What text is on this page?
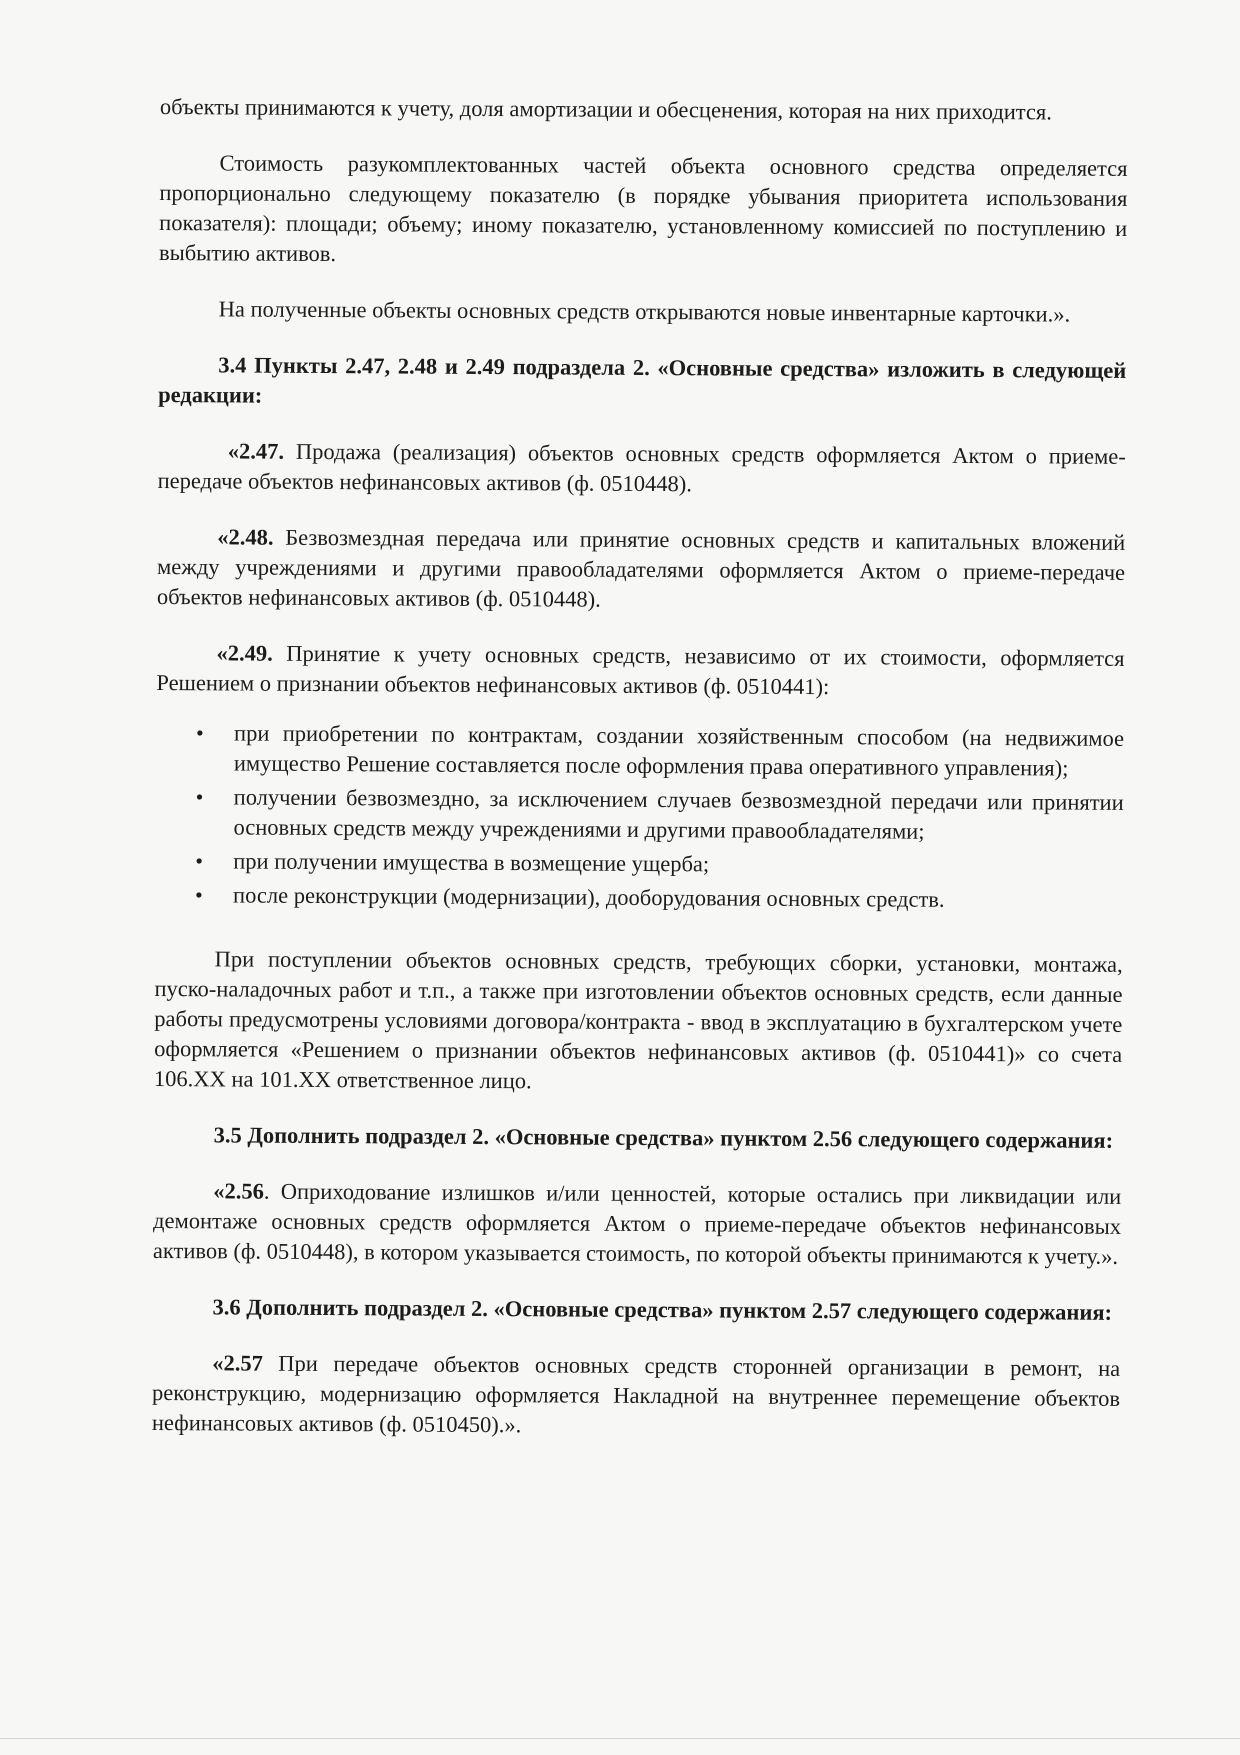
объекты принимаются к учету, доля амортизации и обесценения, которая на них приходится.

Стоимость разукомплектованных частей объекта основного средства определяется пропорционально следующему показателю (в порядке убывания приоритета использования показателя): площади; объему; иному показателю, установленному комиссией по поступлению и выбытию активов.

На полученные объекты основных средств открываются новые инвентарные карточки.».

3.4 Пункты 2.47, 2.48 и 2.49 подраздела 2. «Основные средства» изложить в следующей редакции:

«2.47. Продажа (реализация) объектов основных средств оформляется Актом о приеме-передаче объектов нефинансовых активов (ф. 0510448).

«2.48. Безвозмездная передача или принятие основных средств и капитальных вложений между учреждениями и другими правообладателями оформляется Актом о приеме-передаче объектов нефинансовых активов (ф. 0510448).

«2.49. Принятие к учету основных средств, независимо от их стоимости, оформляется Решением о признании объектов нефинансовых активов (ф. 0510441):

• при приобретении по контрактам, создании хозяйственным способом (на недвижимое имущество Решение составляется после оформления права оперативного управления);
• получении безвозмездно, за исключением случаев безвозмездной передачи или принятии основных средств между учреждениями и другими правообладателями;
• при получении имущества в возмещение ущерба;
• после реконструкции (модернизации), дооборудования основных средств.

При поступлении объектов основных средств, требующих сборки, установки, монтажа, пуско-наладочных работ и т.п., а также при изготовлении объектов основных средств, если данные работы предусмотрены условиями договора/контракта - ввод в эксплуатацию в бухгалтерском учете оформляется «Решением о признании объектов нефинансовых активов (ф. 0510441)» со счета 106.XX на 101.XX ответственное лицо.

3.5 Дополнить подраздел 2. «Основные средства» пунктом 2.56 следующего содержания:

«2.56. Оприходование излишков и/или ценностей, которые остались при ликвидации или демонтаже основных средств оформляется Актом о приеме-передаче объектов нефинансовых активов (ф. 0510448), в котором указывается стоимость, по которой объекты принимаются к учету.».

3.6 Дополнить подраздел 2. «Основные средства» пунктом 2.57 следующего содержания:

«2.57 При передаче объектов основных средств сторонней организации в ремонт, на реконструкцию, модернизацию оформляется Накладной на внутреннее перемещение объектов нефинансовых активов (ф. 0510450).».
